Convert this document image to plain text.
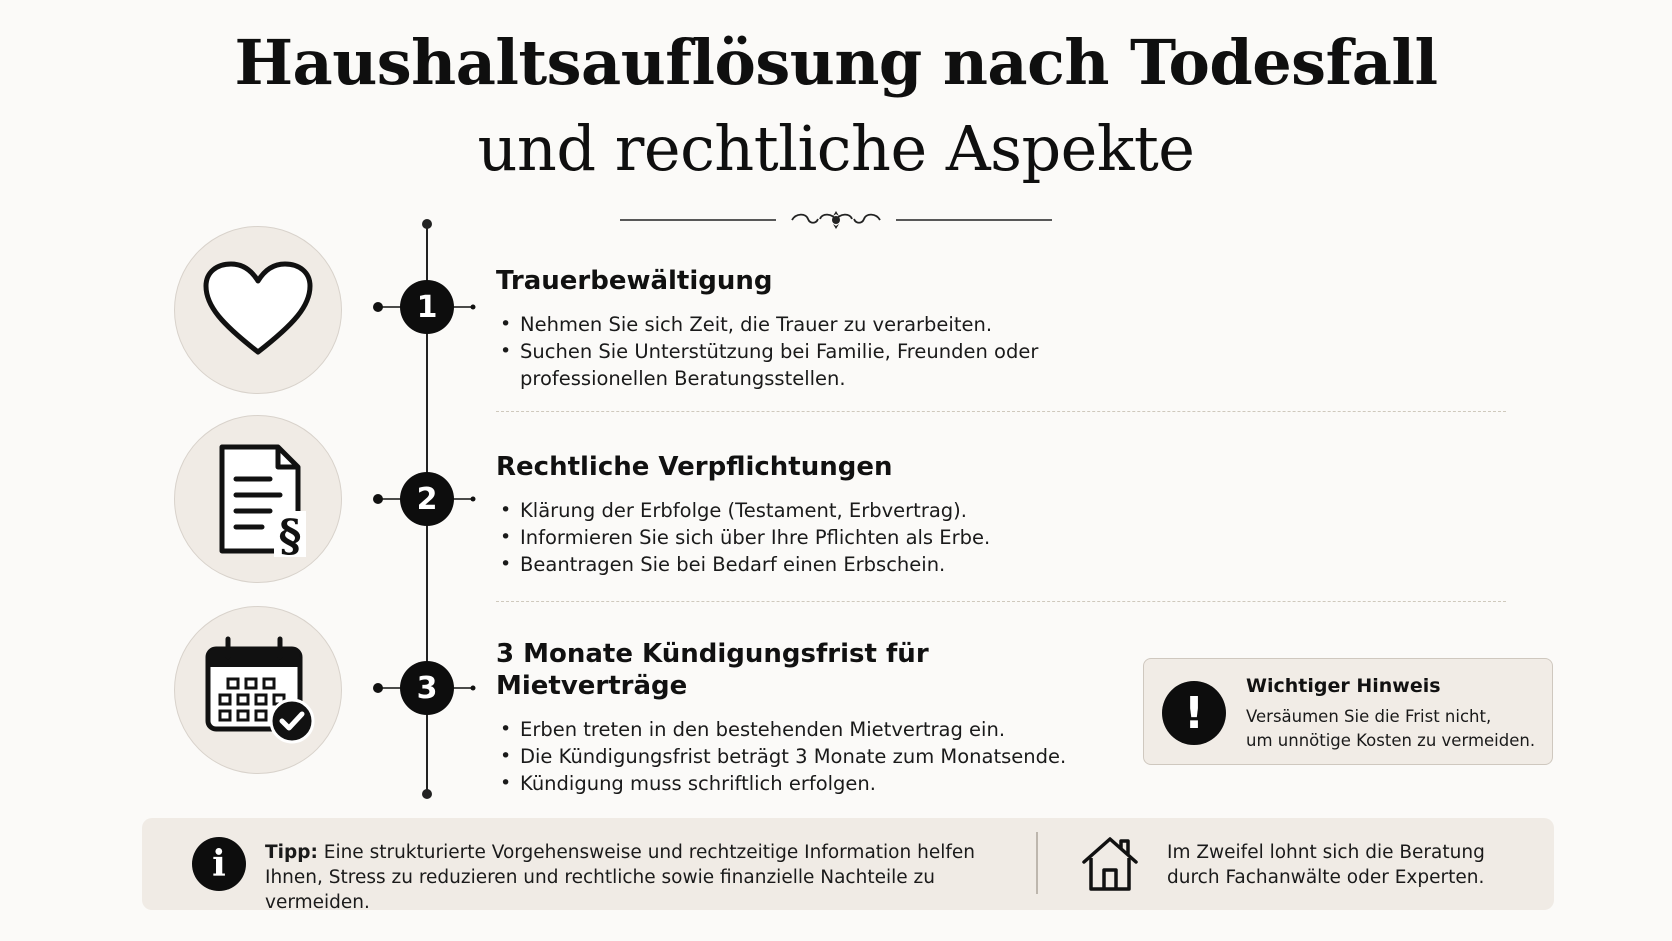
Haushaltsauflösung nach Todesfall
und rechtliche Aspekte
1
Trauerbewältigung
• Nehmen Sie sich Zeit, die Trauer zu verarbeiten.
• Suchen Sie Unterstützung bei Familie, Freunden oder professionellen Beratungsstellen.
§
2
Rechtliche Verpflichtungen
• Klärung der Erbfolge (Testament, Erbvertrag).
• Informieren Sie sich über Ihre Pflichten als Erbe.
• Beantragen Sie bei Bedarf einen Erbschein.
3
3 Monate Kündigungsfrist für Mietverträge
• Erben treten in den bestehenden Mietvertrag ein.
• Die Kündigungsfrist beträgt 3 Monate zum Monatsende.
• Kündigung muss schriftlich erfolgen.
!
Wichtiger Hinweis
Versäumen Sie die Frist nicht,
um unnötige Kosten zu vermeiden.
i	Tipp: Eine strukturierte Vorgehensweise und rechtzeitige Information helfen Ihnen, Stress zu reduzieren und rechtliche sowie finanzielle Nachteile zu vermeiden.
Im Zweifel lohnt sich die Beratung
durch Fachanwälte oder Experten.
